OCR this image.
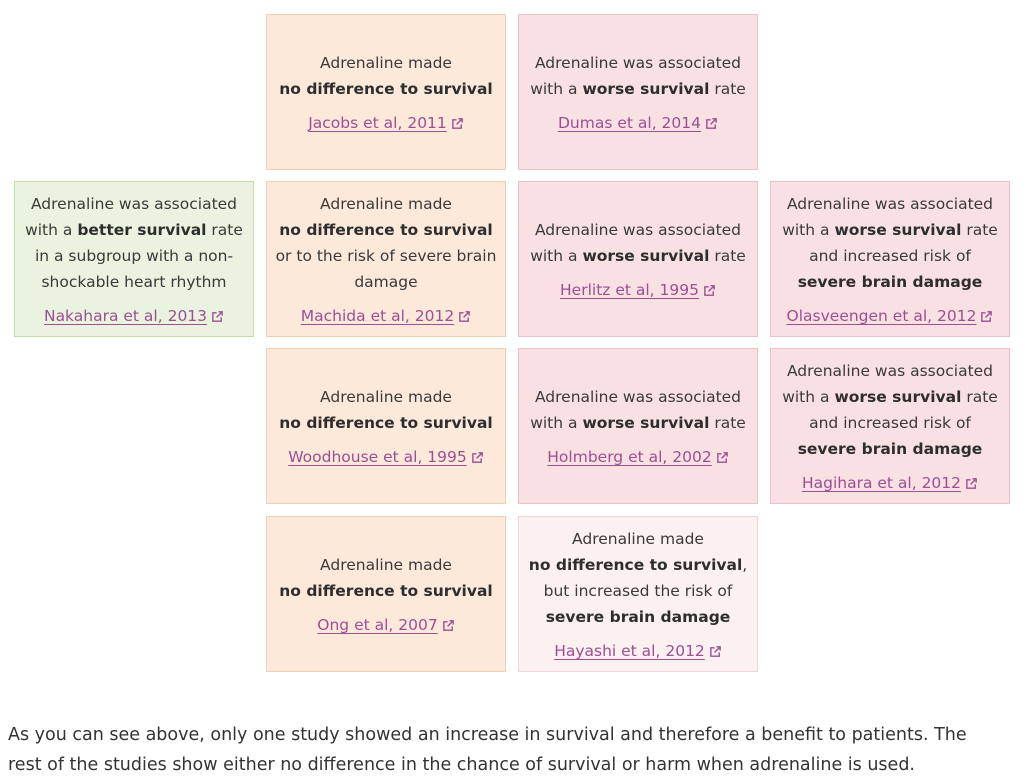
Adrenaline made
no difference to survival
Jacobs et al, 2011
Adrenaline was associated with a worse survival rate
Dumas et al, 2014
Adrenaline was associated with a better survival rate in a subgroup with a non-shockable heart rhythm
Nakahara et al, 2013
Adrenaline made
no difference to survival or to the risk of severe brain damage
Machida et al, 2012
Adrenaline was associated with a worse survival rate
Herlitz et al, 1995
Adrenaline was associated with a worse survival rate and increased risk of severe brain damage
Olasveengen et al, 2012
Adrenaline made
no difference to survival
Woodhouse et al, 1995
Adrenaline was associated with a worse survival rate
Holmberg et al, 2002
Adrenaline was associated with a worse survival rate and increased risk of severe brain damage
Hagihara et al, 2012
Adrenaline made
no difference to survival
Ong et al, 2007
Adrenaline made
no difference to survival, but increased the risk of severe brain damage
Hayashi et al, 2012

As you can see above, only one study showed an increase in survival and therefore a benefit to patients. The rest of the studies show either no difference in the chance of survival or harm when adrenaline is used.
